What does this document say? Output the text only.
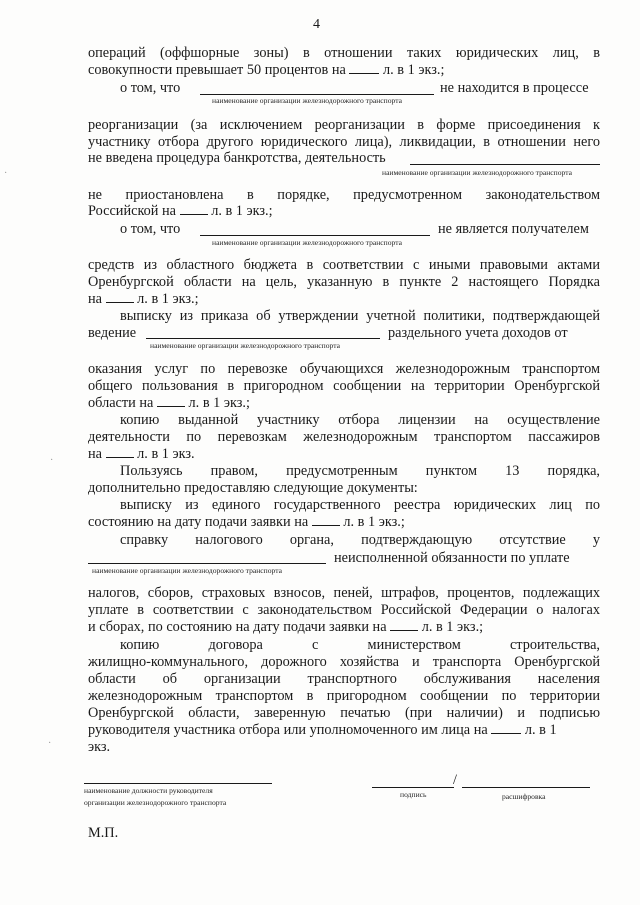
4
·
·
·
операций (оффшорные зоны) в отношении таких юридических лиц, в
совокупности превышает 50 процентов на	л. в 1 экз.;
о том, что	не находится в процессе
наименование организации железнодорожного транспорта
реорганизации (за исключением реорганизации в форме присоединения к
участнику отбора другого юридического лица), ликвидации, в отношении него
не введена процедура банкротства, деятельность
наименование организации железнодорожного транспорта
не приостановлена в порядке, предусмотренном законодательством
Российской на л. в 1 экз.;
о том, что	не является получателем
наименование организации железнодорожного транспорта
средств из областного бюджета в соответствии с иными правовыми актами
Оренбургской области на цель, указанную в пункте 2 настоящего Порядка
на л. в 1 экз.;
выписку из приказа об утверждении учетной политики, подтверждающей
ведение	раздельного учета доходов от
наименование организации железнодорожного транспорта
оказания услуг по перевозке обучающихся железнодорожным транспортом
общего пользования в пригородном сообщении на территории Оренбургской
области на л. в 1 экз.;
копию выданной участнику отбора лицензии на осуществление
деятельности по перевозкам железнодорожным транспортом пассажиров
на л. в 1 экз.
Пользуясь правом, предусмотренным пунктом 13 порядка,
дополнительно предоставляю следующие документы:
выписку из единого государственного реестра юридических лиц по
состоянию на дату подачи заявки на л. в 1 экз.;
справку налогового органа, подтверждающую отсутствие у
неисполненной обязанности по уплате
наименование организации железнодорожного транспорта
налогов, сборов, страховых взносов, пеней, штрафов, процентов, подлежащих
уплате в соответствии с законодательством Российской Федерации о налогах
и сборах, по состоянию на дату подачи заявки на л. в 1 экз.;
копию договора с министерством строительства,
жилищно-коммунального, дорожного хозяйства и транспорта Оренбургской
области об организации транспортного обслуживания населения
железнодорожным транспортом в пригородном сообщении по территории
Оренбургской области, заверенную печатью (при наличии) и подписью
руководителя участника отбора или уполномоченного им лица на	л. в 1
экз.
наименование должности руководителя
организации железнодорожного транспорта
/
подпись	расшифровка
М.П.
